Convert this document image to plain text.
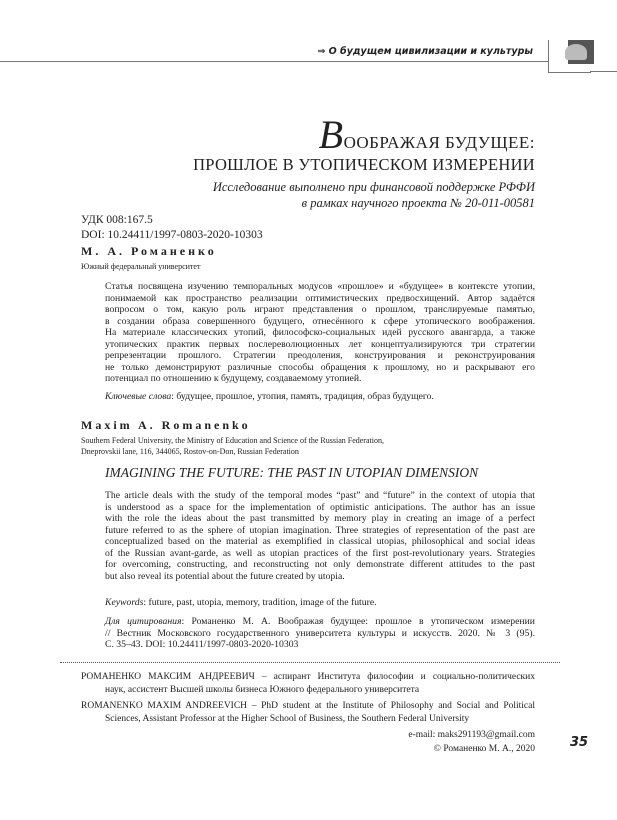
⇒ О будущем цивилизации и культуры
ВООБРАЖАЯ БУДУЩЕЕ:
ПРОШЛОЕ В УТОПИЧЕСКОМ ИЗМЕРЕНИИ
Исследование выполнено при финансовой поддержке РФФИ
в рамках научного проекта № 20-011-00581
УДК 008:167.5
DOI: 10.24411/1997-0803-2020-10303
М. А. Романенко
Южный федеральный университет
Статья посвящена изучению темпоральных модусов «прошлое» и «будущее» в контексте утопии,
понимаемой как пространство реализации оптимистических предвосхищений. Автор задаётся
вопросом о том, какую роль играют представления о прошлом, транслируемые памятью,
в создании образа совершенного будущего, отнесённого к сфере утопического воображения.
На материале классических утопий, философско-социальных идей русского авангарда, а также
утопических практик первых послереволюционных лет концептуализируются три стратегии
репрезентации прошлого. Стратегии преодоления, конструирования и реконструирования
не только демонстрируют различные способы обращения к прошлому, но и раскрывают его
потенциал по отношению к будущему, создаваемому утопией.
Ключевые слова: будущее, прошлое, утопия, память, традиция, образ будущего.
Maxim A. Romanenko
Southern Federal University, the Ministry of Education and Science of the Russian Federation,
Dneprovskii lane, 116, 344065, Rostov-on-Don, Russian Federation
IMAGINING THE FUTURE: THE PAST IN UTOPIAN DIMENSION
The article deals with the study of the temporal modes “past” and “future” in the context of utopia that
is understood as a space for the implementation of optimistic anticipations. The author has an issue
with the role the ideas about the past transmitted by memory play in creating an image of a perfect
future referred to as the sphere of utopian imagination. Three strategies of representation of the past are
conceptualized based on the material as exemplified in classical utopias, philosophical and social ideas
of the Russian avant-garde, as well as utopian practices of the first post-revolutionary years. Strategies
for overcoming, constructing, and reconstructing not only demonstrate different attitudes to the past
but also reveal its potential about the future created by utopia.
Keywords: future, past, utopia, memory, tradition, image of the future.
Для цитирования: Романенко М. А. Воображая будущее: прошлое в утопическом измерении
// Вестник Московского государственного университета культуры и искусств. 2020. № 3 (95).
С. 35–43. DOI: 10.24411/1997-0803-2020-10303
РОМАНЕНКО МАКСИМ АНДРЕЕВИЧ – аспирант Института философии и социально-политических
наук, ассистент Высшей школы бизнеса Южного федерального университета
ROMANENKO MAXIM ANDREEVICH – PhD student at the Institute of Philosophy and Social and Political
Sciences, Assistant Professor at the Higher School of Business, the Southern Federal University
e-mail: maks291193@gmail.com
© Романенко М. А., 2020	35
